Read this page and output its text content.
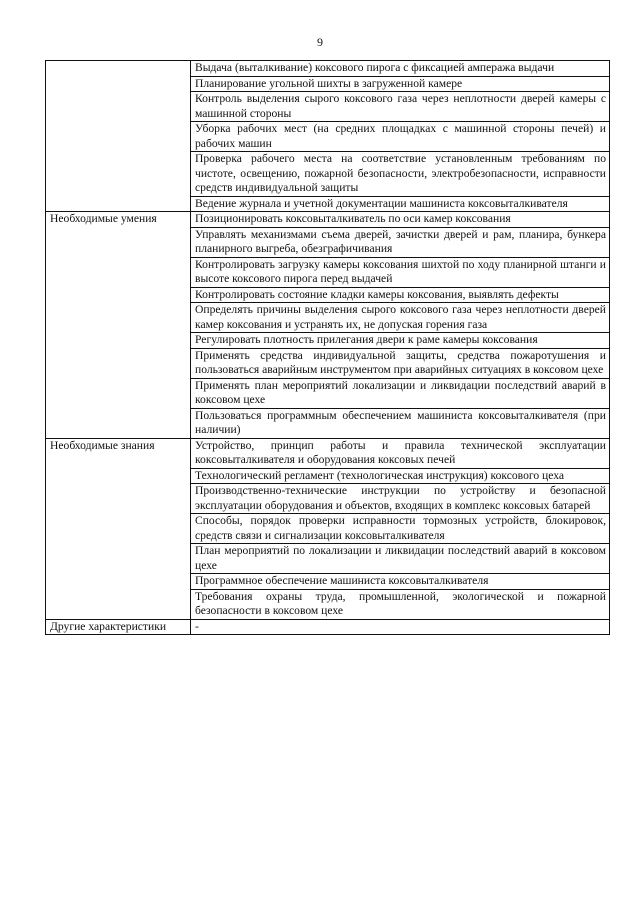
9
	Выдача (выталкивание) коксового пирога с фиксацией ампеража выдачи
	Планирование угольной шихты в загруженной камере
	Контроль выделения сырого коксового газа через неплотности дверей камеры с машинной стороны
	Уборка рабочих мест (на средних площадках с машинной стороны печей) и рабочих машин
	Проверка рабочего места на соответствие установленным требованиям по чистоте, освещению, пожарной безопасности, электробезопасности, исправности средств индивидуальной защиты
	Ведение журнала и учетной документации машиниста коксовыталкивателя
Необходимые умения	Позиционировать коксовыталкиватель по оси камер коксования
	Управлять механизмами съема дверей, зачистки дверей и рам, планира, бункера планирного выгреба, обезграфичивания
	Контролировать загрузку камеры коксования шихтой по ходу планирной штанги и высоте коксового пирога перед выдачей
	Контролировать состояние кладки камеры коксования, выявлять дефекты
	Определять причины выделения сырого коксового газа через неплотности дверей камер коксования и устранять их, не допуская горения газа
	Регулировать плотность прилегания двери к раме камеры коксования
	Применять средства индивидуальной защиты, средства пожаротушения и пользоваться аварийным инструментом при аварийных ситуациях в коксовом цехе
	Применять план мероприятий локализации и ликвидации последствий аварий в коксовом цехе
	Пользоваться программным обеспечением машиниста коксовыталкивателя (при наличии)
Необходимые знания	Устройство, принцип работы и правила технической эксплуатации коксовыталкивателя и оборудования коксовых печей
	Технологический регламент (технологическая инструкция) коксового цеха
	Производственно-технические инструкции по устройству и безопасной эксплуатации оборудования и объектов, входящих в комплекс коксовых батарей
	Способы, порядок проверки исправности тормозных устройств, блокировок, средств связи и сигнализации коксовыталкивателя
	План мероприятий по локализации и ликвидации последствий аварий в коксовом цехе
	Программное обеспечение машиниста коксовыталкивателя
	Требования охраны труда, промышленной, экологической и пожарной безопасности в коксовом цехе
Другие характеристики	-
